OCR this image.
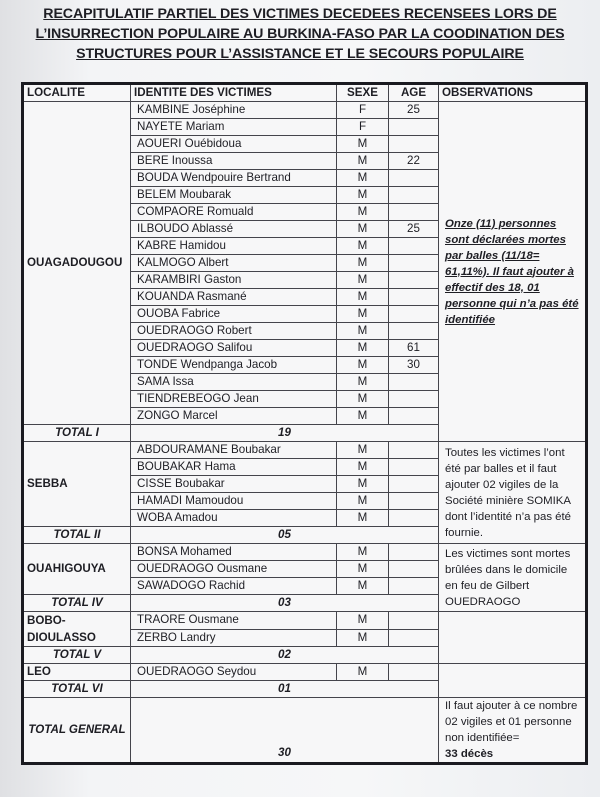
RECAPITULATIF PARTIEL DES VICTIMES DECEDEES RECENSEES LORS DE
L’INSURRECTION POPULAIRE AU BURKINA-FASO PAR LA COODINATION DES
STRUCTURES POUR L’ASSISTANCE ET LE SECOURS POPULAIRE
LOCALITE	IDENTITE DES VICTIMES	SEXE	AGE	OBSERVATIONS
OUAGADOUGOU	KAMBINE Joséphine	F	25	Onze (11) personnes sont déclarées mortes par balles (11/18= 61,11%). Il faut ajouter à effectif des 18, 01 personne qui n’a pas été identifiée
	NAYETE Mariam	F		
	AOUERI Ouébidoua	M		
	BERE Inoussa	M	22	
	BOUDA Wendpouire Bertrand	M		
	BELEM Moubarak	M		
	COMPAORE Romuald	M		
	ILBOUDO Ablassé	M	25	
	KABRE Hamidou	M		
	KALMOGO Albert	M		
	KARAMBIRI Gaston	M		
	KOUANDA Rasmané	M		
	OUOBA Fabrice	M		
	OUEDRAOGO Robert	M		
	OUEDRAOGO Salifou	M	61	
	TONDE Wendpanga Jacob	M	30	
	SAMA Issa	M		
	TIENDREBEOGO Jean	M		
	ZONGO Marcel	M		
TOTAL I	19			
SEBBA	ABDOURAMANE Boubakar	M		Toutes les victimes l’ont été par balles et il faut ajouter 02 vigiles de la Société minière SOMIKA dont l’identité n’a pas été fournie.
	BOUBAKAR Hama	M		
	CISSE Boubakar	M		
	HAMADI Mamoudou	M		
	WOBA Amadou	M		
TOTAL II	05			
OUAHIGOUYA	BONSA Mohamed	M		Les victimes sont mortes brûlées dans le domicile en feu de Gilbert OUEDRAOGO
	OUEDRAOGO Ousmane	M		
	SAWADOGO Rachid	M		
TOTAL IV	03			
BOBO-DIOULASSO	TRAORE Ousmane	M		
	ZERBO Landry	M		
TOTAL V	02			
LEO	OUEDRAOGO Seydou	M		
TOTAL VI	01			
TOTAL GENERAL	30			Il faut ajouter à ce nombre 02 vigiles et 01 personne non identifiée=
33 décès
